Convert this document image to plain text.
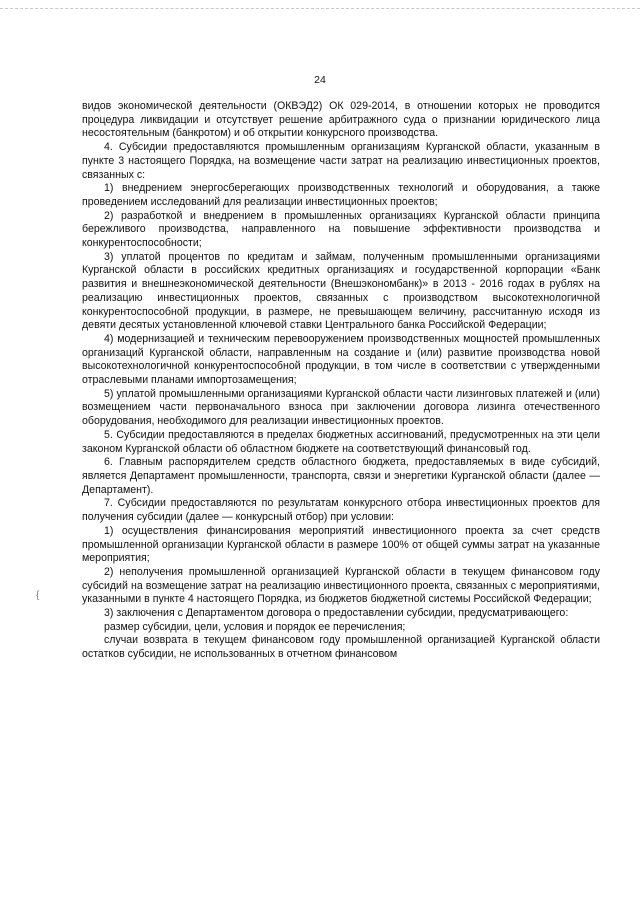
24
{

видов экономической деятельности (ОКВЭД2) ОК 029-2014, в отношении которых не проводится процедура ликвидации и отсутствует решение арбитражного суда о признании юридического лица несостоятельным (банкротом) и об открытии конкурсного производства.

4. Субсидии предоставляются промышленным организациям Курганской области, указанным в пункте 3 настоящего Порядка, на возмещение части затрат на реализацию инвестиционных проектов, связанных с:

1) внедрением энергосберегающих производственных технологий и оборудования, а также проведением исследований для реализации инвестиционных проектов;

2) разработкой и внедрением в промышленных организациях Курганской области принципа бережливого производства, направленного на повышение эффективности производства и конкурентоспособности;

3) уплатой процентов по кредитам и займам, полученным промышленными организациями Курганской области в российских кредитных организациях и государственной корпорации «Банк развития и внешнеэкономической деятельности (Внешэкономбанк)» в 2013 - 2016 годах в рублях на реализацию инвестиционных проектов, связанных с производством высокотехнологичной конкурентоспособной продукции, в размере, не превышающем величину, рассчитанную исходя из девяти десятых установленной ключевой ставки Центрального банка Российской Федерации;

4) модернизацией и техническим перевооружением производственных мощностей промышленных организаций Курганской области, направленным на создание и (или) развитие производства новой высокотехнологичной конкурентоспособной продукции, в том числе в соответствии с утвержденными отраслевыми планами импортозамещения;

5) уплатой промышленными организациями Курганской области части лизинговых платежей и (или) возмещением части первоначального взноса при заключении договора лизинга отечественного оборудования, необходимого для реализации инвестиционных проектов.

5. Субсидии предоставляются в пределах бюджетных ассигнований, предусмотренных на эти цели законом Курганской области об областном бюджете на соответствующий финансовый год.

6. Главным распорядителем средств областного бюджета, предоставляемых в виде субсидий, является Департамент промышленности, транспорта, связи и энергетики Курганской области (далее — Департамент).

7. Субсидии предоставляются по результатам конкурсного отбора инвестиционных проектов для получения субсидии (далее — конкурсный отбор) при условии:

1) осуществления финансирования мероприятий инвестиционного проекта за счет средств промышленной организации Курганской области в размере 100% от общей суммы затрат на указанные мероприятия;

2) неполучения промышленной организацией Курганской области в текущем финансовом году субсидий на возмещение затрат на реализацию инвестиционного проекта, связанных с мероприятиями, указанными в пункте 4 настоящего Порядка, из бюджетов бюджетной системы Российской Федерации;

3) заключения с Департаментом договора о предоставлении субсидии, предусматривающего:

размер субсидии, цели, условия и порядок ее перечисления;

случаи возврата в текущем финансовом году промышленной организацией Курганской области остатков субсидии, не использованных в отчетном финансовом
